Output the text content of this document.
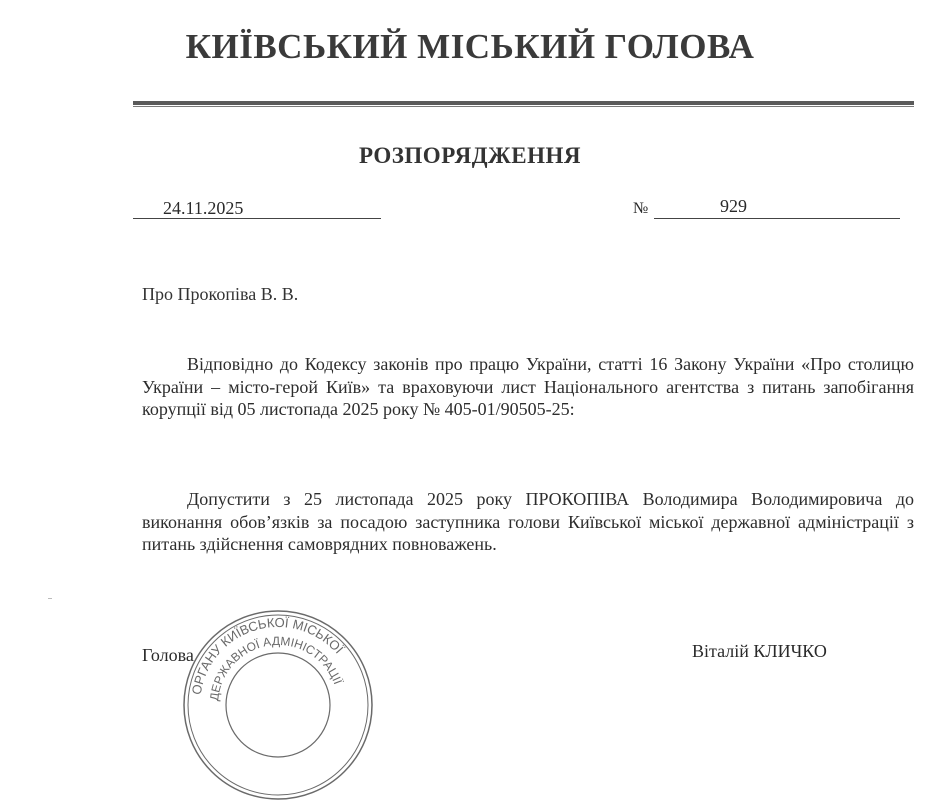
КИЇВСЬКИЙ МІСЬКИЙ ГОЛОВА
РОЗПОРЯДЖЕННЯ
24.11.2025	№	929
Про Прокопіва В. В.
Відповідно до Кодексу законів про працю України, статті 16 Закону України «Про столицю України – місто-герой Київ» та враховуючи лист Національного агентства з питань запобігання корупції від 05 листопада 2025 року № 405-01/90505-25:
Допустити з 25 листопада 2025 року ПРОКОПІВА Володимира Володимировича до виконання обов’язків за посадою заступника голови Київської міської державної адміністрації з питань здійснення самоврядних повноважень.
ОРГАНУ КИЇВСЬКОЇ МІСЬКОЇ
ДЕРЖАВНОЇ АДМІНІСТРАЦІЇ
Голова	Віталій КЛИЧКО
